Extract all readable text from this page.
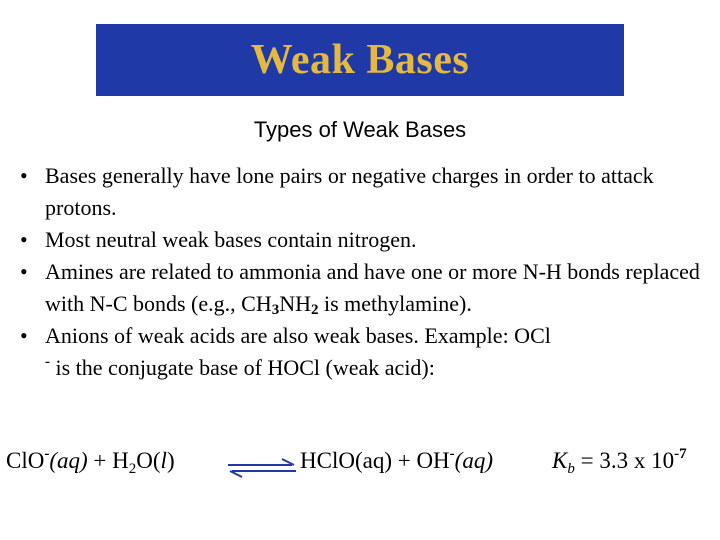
Weak Bases
Types of Weak Bases
• Bases generally have lone pairs or negative charges in order to attack protons.
• Most neutral weak bases contain nitrogen.
• Amines are related to ammonia and have one or more N-H bonds replaced with N-C bonds (e.g., $CH_3NH_2$ is methylamine).
• Anions of weak acids are also weak bases. Example: OCl
- is the conjugate base of HOCl (weak acid):
$ClO^-(aq) + H_2O(l)$ ⇌ HClO(aq) + OH-(aq)	$K_b = 3.3$ x $10^{-7}$
